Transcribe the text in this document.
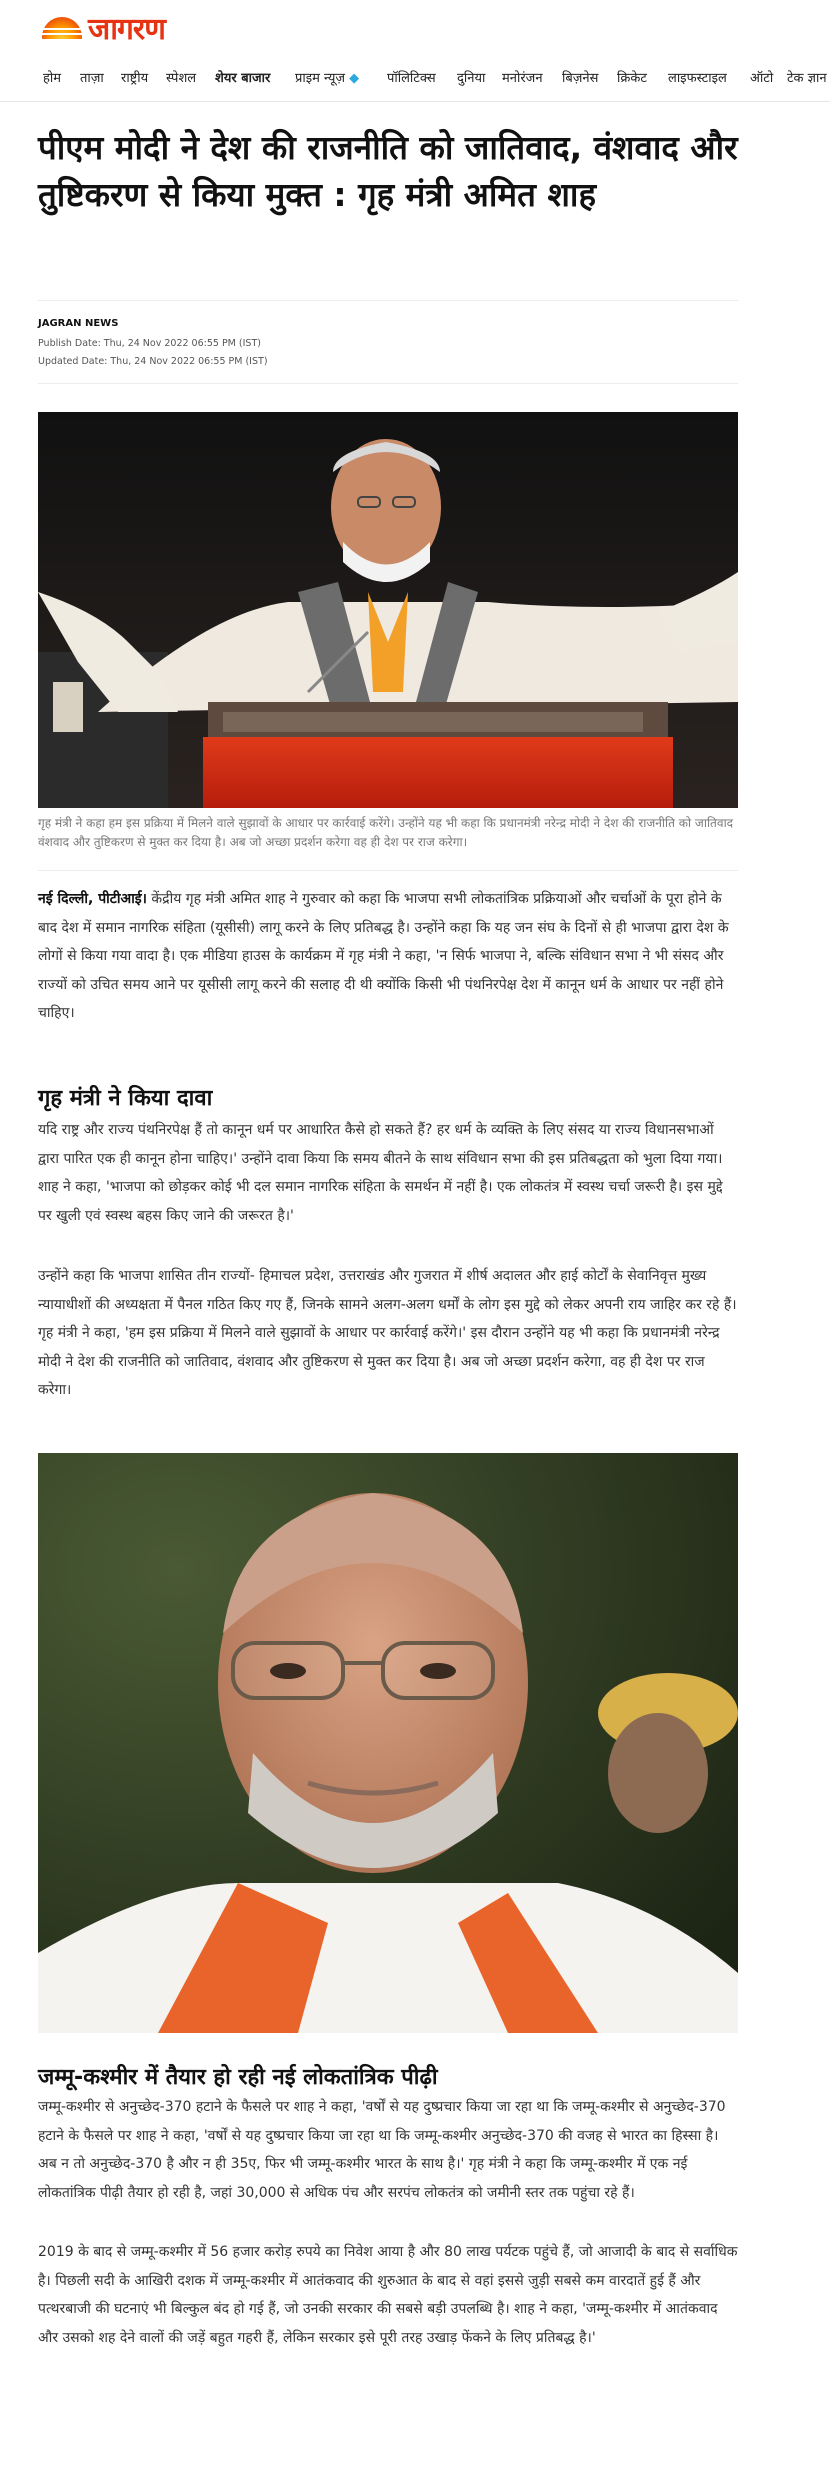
जागरण
होम ताज़ा राष्ट्रीय स्पेशल शेयर बाजार प्राइम न्यूज़ ◆ पॉलिटिक्स दुनिया मनोरंजन बिज़नेस क्रिकेट लाइफस्टाइल ऑटो टेक ज्ञान
पीएम मोदी ने देश की राजनीति को जातिवाद, वंशवाद और तुष्टिकरण से किया मुक्त : गृह मंत्री अमित शाह
JAGRAN NEWS
Publish Date: Thu, 24 Nov 2022 06:55 PM (IST)
Updated Date: Thu, 24 Nov 2022 06:55 PM (IST)
गृह मंत्री ने कहा हम इस प्रक्रिया में मिलने वाले सुझावों के आधार पर कार्रवाई करेंगे। उन्होंने यह भी कहा कि प्रधानमंत्री नरेन्द्र मोदी ने देश की राजनीति को जातिवाद वंशवाद और तुष्टिकरण से मुक्त कर दिया है। अब जो अच्छा प्रदर्शन करेगा वह ही देश पर राज करेगा।

नई दिल्ली, पीटीआई। केंद्रीय गृह मंत्री अमित शाह ने गुरुवार को कहा कि भाजपा सभी लोकतांत्रिक प्रक्रियाओं और चर्चाओं के पूरा होने के बाद देश में समान नागरिक संहिता (यूसीसी) लागू करने के लिए प्रतिबद्ध है। उन्होंने कहा कि यह जन संघ के दिनों से ही भाजपा द्वारा देश के लोगों से किया गया वादा है। एक मीडिया हाउस के कार्यक्रम में गृह मंत्री ने कहा, 'न सिर्फ भाजपा ने, बल्कि संविधान सभा ने भी संसद और राज्यों को उचित समय आने पर यूसीसी लागू करने की सलाह दी थी क्योंकि किसी भी पंथनिरपेक्ष देश में कानून धर्म के आधार पर नहीं होने चाहिए।

गृह मंत्री ने किया दावा

यदि राष्ट्र और राज्य पंथनिरपेक्ष हैं तो कानून धर्म पर आधारित कैसे हो सकते हैं? हर धर्म के व्यक्ति के लिए संसद या राज्य विधानसभाओं द्वारा पारित एक ही कानून होना चाहिए।' उन्होंने दावा किया कि समय बीतने के साथ संविधान सभा की इस प्रतिबद्धता को भुला दिया गया। शाह ने कहा, 'भाजपा को छोड़कर कोई भी दल समान नागरिक संहिता के समर्थन में नहीं है। एक लोकतंत्र में स्वस्थ चर्चा जरूरी है। इस मुद्दे पर खुली एवं स्वस्थ बहस किए जाने की जरूरत है।'

उन्होंने कहा कि भाजपा शासित तीन राज्यों- हिमाचल प्रदेश, उत्तराखंड और गुजरात में शीर्ष अदालत और हाई कोर्टों के सेवानिवृत्त मुख्य न्यायाधीशों की अध्यक्षता में पैनल गठित किए गए हैं, जिनके सामने अलग-अलग धर्मों के लोग इस मुद्दे को लेकर अपनी राय जाहिर कर रहे हैं। गृह मंत्री ने कहा, 'हम इस प्रक्रिया में मिलने वाले सुझावों के आधार पर कार्रवाई करेंगे।' इस दौरान उन्होंने यह भी कहा कि प्रधानमंत्री नरेन्द्र मोदी ने देश की राजनीति को जातिवाद, वंशवाद और तुष्टिकरण से मुक्त कर दिया है। अब जो अच्छा प्रदर्शन करेगा, वह ही देश पर राज करेगा।

जम्मू-कश्मीर में तैयार हो रही नई लोकतांत्रिक पीढ़ी

जम्मू-कश्मीर से अनुच्छेद-370 हटाने के फैसले पर शाह ने कहा, 'वर्षों से यह दुष्प्रचार किया जा रहा था कि जम्मू-कश्मीर से अनुच्छेद-370 हटाने के फैसले पर शाह ने कहा, 'वर्षों से यह दुष्प्रचार किया जा रहा था कि जम्मू-कश्मीर अनुच्छेद-370 की वजह से भारत का हिस्सा है। अब न तो अनुच्छेद-370 है और न ही 35ए, फिर भी जम्मू-कश्मीर भारत के साथ है।' गृह मंत्री ने कहा कि जम्मू-कश्मीर में एक नई लोकतांत्रिक पीढ़ी तैयार हो रही है, जहां 30,000 से अधिक पंच और सरपंच लोकतंत्र को जमीनी स्तर तक पहुंचा रहे हैं।

2019 के बाद से जम्मू-कश्मीर में 56 हजार करोड़ रुपये का निवेश आया है और 80 लाख पर्यटक पहुंचे हैं, जो आजादी के बाद से सर्वाधिक है। पिछली सदी के आखिरी दशक में जम्मू-कश्मीर में आतंकवाद की शुरुआत के बाद से वहां इससे जुड़ी सबसे कम वारदातें हुई हैं और पत्थरबाजी की घटनाएं भी बिल्कुल बंद हो गई हैं, जो उनकी सरकार की सबसे बड़ी उपलब्धि है। शाह ने कहा, 'जम्मू-कश्मीर में आतंकवाद और उसको शह देने वालों की जड़ें बहुत गहरी हैं, लेकिन सरकार इसे पूरी तरह उखाड़ फेंकने के लिए प्रतिबद्ध है।'
